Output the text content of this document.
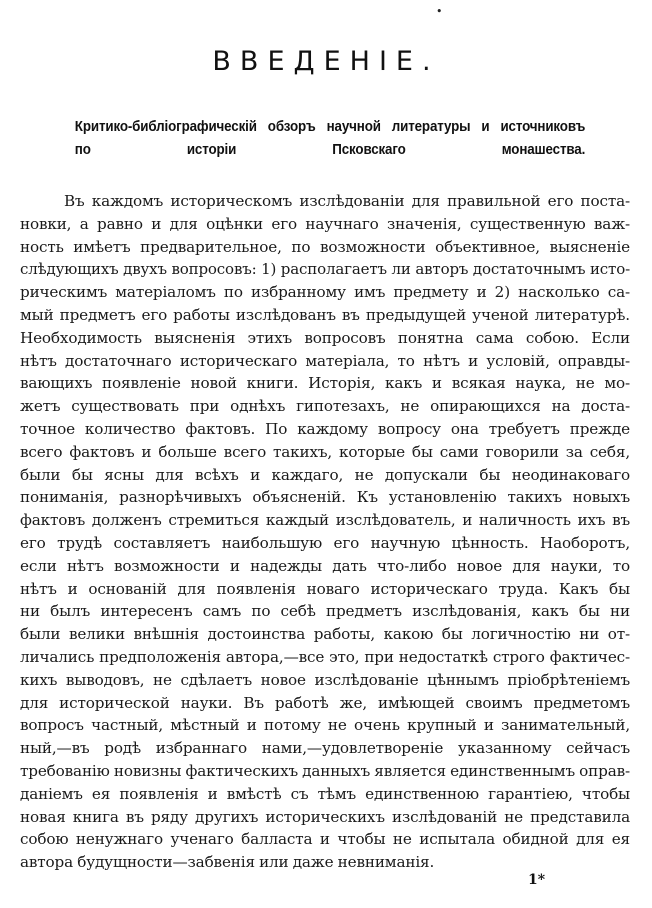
•
ВВЕДЕНІЕ.
Критико-библіографическій обзоръ научной литературы и источниковъ
по исторіи Псковскаго монашества.
Въ каждомъ историческомъ изслѣдованіи для правильной его поста-
новки, а равно и для оцѣнки его научнаго значенія, существенную важ-
ность имѣетъ предварительное, по возможности объективное, выясненіе
слѣдующихъ двухъ вопросовъ: 1) располагаетъ ли авторъ достаточнымъ исто-
рическимъ матеріаломъ по избранному имъ предмету и 2) насколько са-
мый предметъ его работы изслѣдованъ въ предыдущей ученой литературѣ.
Необходимость выясненія этихъ вопросовъ понятна сама собою. Если
нѣтъ достаточнаго историческаго матеріала, то нѣтъ и условій, оправды-
вающихъ появленіе новой книги. Исторія, какъ и всякая наука, не мо-
жетъ существовать при однѣхъ гипотезахъ, не опирающихся на доста-
точное количество фактовъ. По каждому вопросу она требуетъ прежде
всего фактовъ и больше всего такихъ, которые бы сами говорили за себя,
были бы ясны для всѣхъ и каждаго, не допускали бы неодинаковаго
пониманія, разнорѣчивыхъ объясненій. Къ установленію такихъ новыхъ
фактовъ долженъ стремиться каждый изслѣдователь, и наличность ихъ въ
его трудѣ составляетъ наибольшую его научную цѣнность. Наоборотъ,
если нѣтъ возможности и надежды дать что-либо новое для науки, то
нѣтъ и основаній для появленія новаго историческаго труда. Какъ бы
ни былъ интересенъ самъ по себѣ предметъ изслѣдованія, какъ бы ни
были велики внѣшнія достоинства работы, какою бы логичностію ни от-
личались предположенія автора,—все это, при недостаткѣ строго фактичес-
кихъ выводовъ, не сдѣлаетъ новое изслѣдованіе цѣннымъ пріобрѣтеніемъ
для исторической науки. Въ работѣ же, имѣющей своимъ предметомъ
вопросъ частный, мѣстный и потому не очень крупный и занимательный,
ный,—въ родѣ избраннаго нами,—удовлетвореніе указанному сейчасъ
требованію новизны фактическихъ данныхъ является единственнымъ оправ-
даніемъ ея появленія и вмѣстѣ съ тѣмъ единственною гарантіею, чтобы
новая книга въ ряду другихъ историческихъ изслѣдованій не представила
собою ненужнаго ученаго балласта и чтобы не испытала обидной для ея
автора будущности—забвенія или даже невниманія.
1*
